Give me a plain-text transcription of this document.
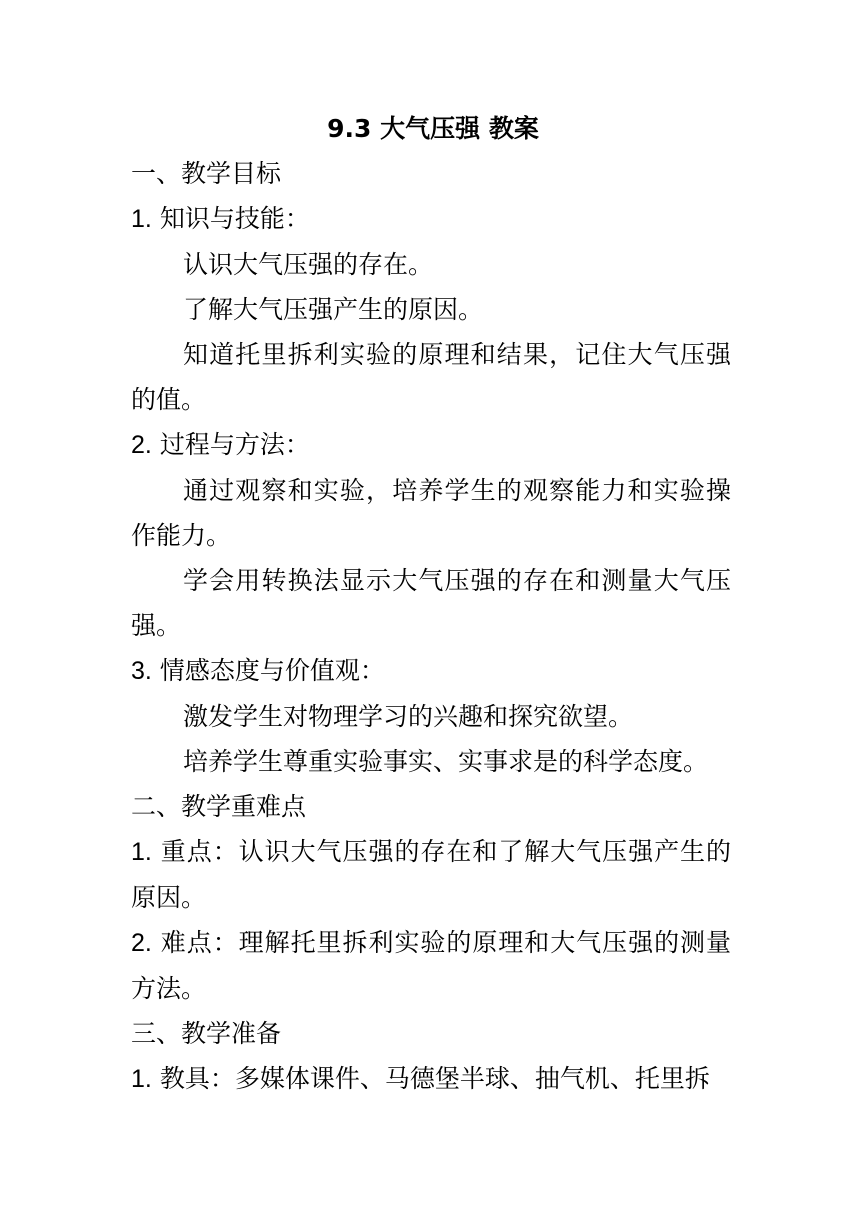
9.3 大气压强 教案
一、教学目标
1. 知识与技能：
认识大气压强的存在。
了解大气压强产生的原因。
知道托里拆利实验的原理和结果，记住大气压强的值。
2. 过程与方法：
通过观察和实验，培养学生的观察能力和实验操作能力。
学会用转换法显示大气压强的存在和测量大气压强。
3. 情感态度与价值观：
激发学生对物理学习的兴趣和探究欲望。
培养学生尊重实验事实、实事求是的科学态度。
二、教学重难点
1. 重点：认识大气压强的存在和了解大气压强产生的原因。
2. 难点：理解托里拆利实验的原理和大气压强的测量方法。
三、教学准备
1. 教具：多媒体课件、马德堡半球、抽气机、托里拆
